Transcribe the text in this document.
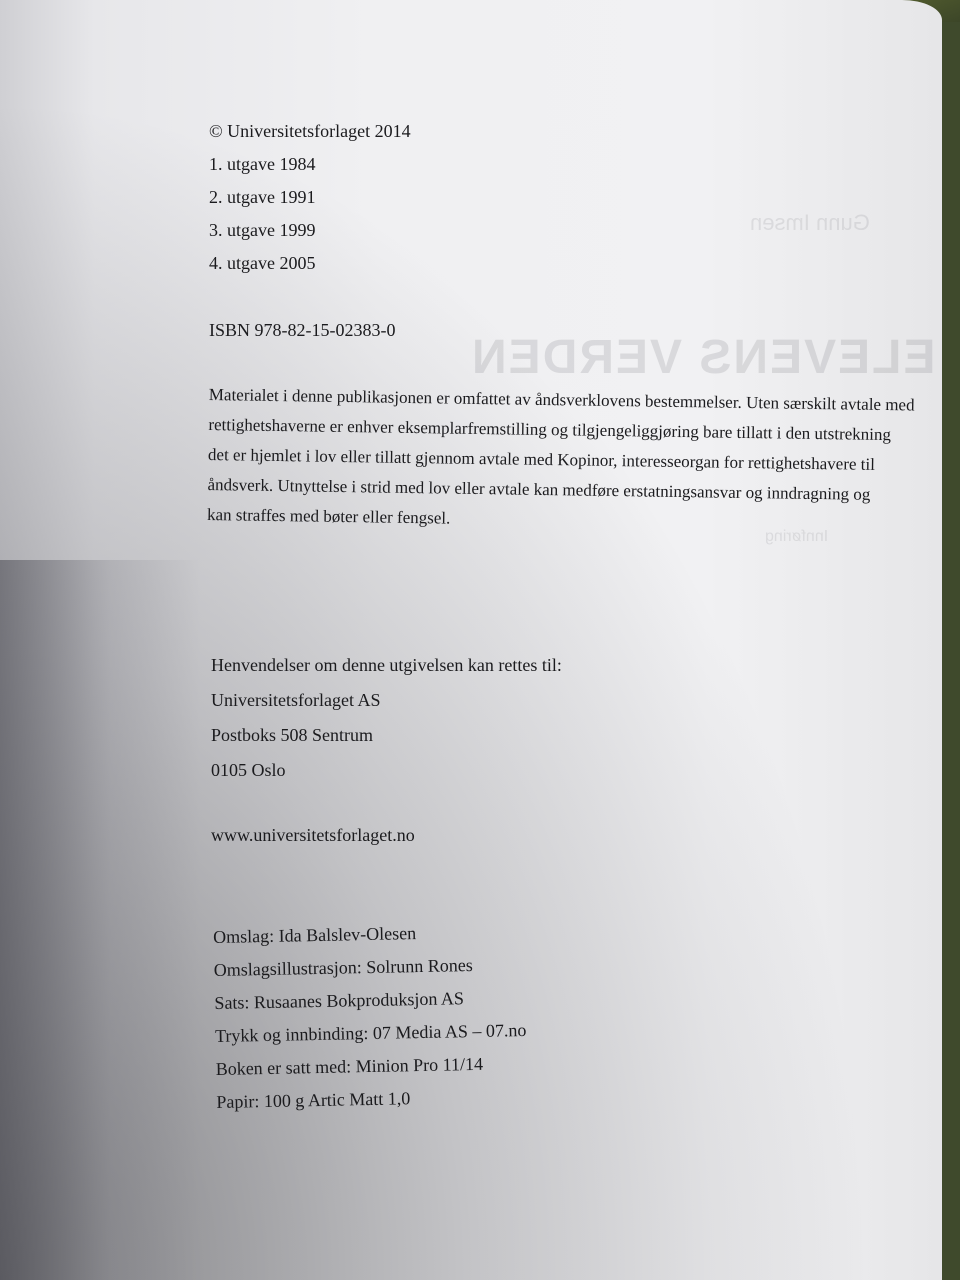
Gunn Imsen
ELEVENS VERDEN
Innføring
© Universitetsforlaget 2014
1. utgave 1984
2. utgave 1991
3. utgave 1999
4. utgave 2005
ISBN 978-82-15-02383-0
Materialet i denne publikasjonen er omfattet av åndsverklovens bestemmelser. Uten særskilt avtale med
rettighetshaverne er enhver eksemplarfremstilling og tilgjengeliggjøring bare tillatt i den utstrekning
det er hjemlet i lov eller tillatt gjennom avtale med Kopinor, interesseorgan for rettighetshavere til
åndsverk. Utnyttelse i strid med lov eller avtale kan medføre erstatningsansvar og inndragning og
kan straffes med bøter eller fengsel.
Henvendelser om denne utgivelsen kan rettes til:
Universitetsforlaget AS
Postboks 508 Sentrum
0105 Oslo
www.universitetsforlaget.no
Omslag: Ida Balslev-Olesen
Omslagsillustrasjon: Solrunn Rones
Sats: Rusaanes Bokproduksjon AS
Trykk og innbinding: 07 Media AS – 07.no
Boken er satt med: Minion Pro 11/14
Papir: 100 g Artic Matt 1,0
